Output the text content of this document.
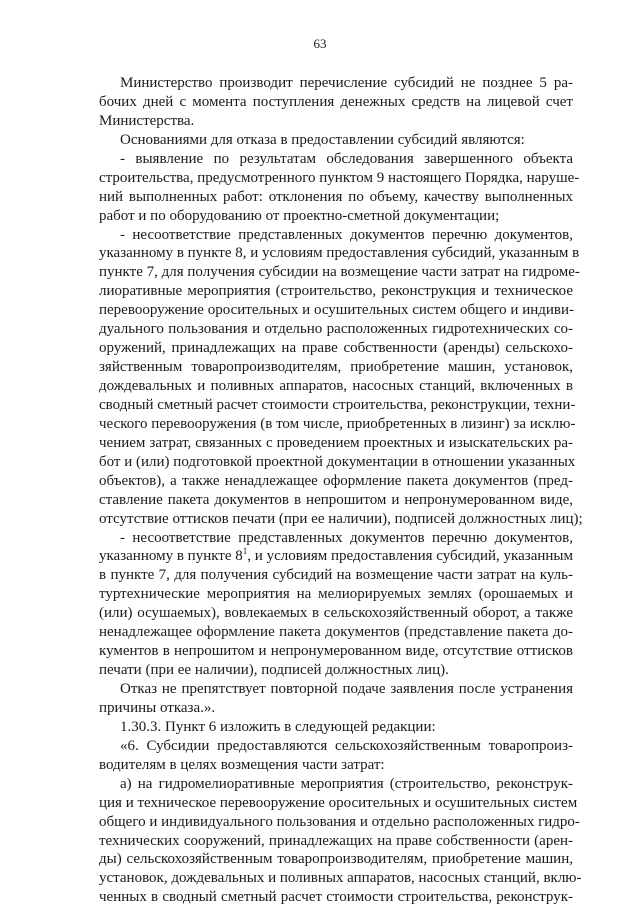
63
Министерство производит перечисление субсидий не позднее 5 ра-
бочих дней с момента поступления денежных средств на лицевой счет
Министерства.
Основаниями для отказа в предоставлении субсидий являются:
- выявление по результатам обследования завершенного объекта
строительства, предусмотренного пунктом 9 настоящего Порядка, наруше-
ний выполненных работ: отклонения по объему, качеству выполненных
работ и по оборудованию от проектно-сметной документации;
- несоответствие представленных документов перечню документов,
указанному в пункте 8, и условиям предоставления субсидий, указанным в
пункте 7, для получения субсидии на возмещение части затрат на гидроме-
лиоративные мероприятия (строительство, реконструкция и техническое
перевооружение оросительных и осушительных систем общего и индиви-
дуального пользования и отдельно расположенных гидротехнических со-
оружений, принадлежащих на праве собственности (аренды) сельскохо-
зяйственным товаропроизводителям, приобретение машин, установок,
дождевальных и поливных аппаратов, насосных станций, включенных в
сводный сметный расчет стоимости строительства, реконструкции, техни-
ческого перевооружения (в том числе, приобретенных в лизинг) за исклю-
чением затрат, связанных с проведением проектных и изыскательских ра-
бот и (или) подготовкой проектной документации в отношении указанных
объектов), а также ненадлежащее оформление пакета документов (пред-
ставление пакета документов в непрошитом и непронумерованном виде,
отсутствие оттисков печати (при ее наличии), подписей должностных лиц);
- несоответствие представленных документов перечню документов,
указанному в пункте $8^1$, и условиям предоставления субсидий, указанным
в пункте 7, для получения субсидий на возмещение части затрат на куль-
туртехнические мероприятия на мелиорируемых землях (орошаемых и
(или) осушаемых), вовлекаемых в сельскохозяйственный оборот, а также
ненадлежащее оформление пакета документов (представление пакета до-
кументов в непрошитом и непронумерованном виде, отсутствие оттисков
печати (при ее наличии), подписей должностных лиц).
Отказ не препятствует повторной подаче заявления после устранения
причины отказа.».
1.30.3. Пункт 6 изложить в следующей редакции:
«6. Субсидии предоставляются сельскохозяйственным товаропроиз-
водителям в целях возмещения части затрат:
а) на гидромелиоративные мероприятия (строительство, реконструк-
ция и техническое перевооружение оросительных и осушительных систем
общего и индивидуального пользования и отдельно расположенных гидро-
технических сооружений, принадлежащих на праве собственности (арен-
ды) сельскохозяйственным товаропроизводителям, приобретение машин,
установок, дождевальных и поливных аппаратов, насосных станций, вклю-
ченных в сводный сметный расчет стоимости строительства, реконструк-
